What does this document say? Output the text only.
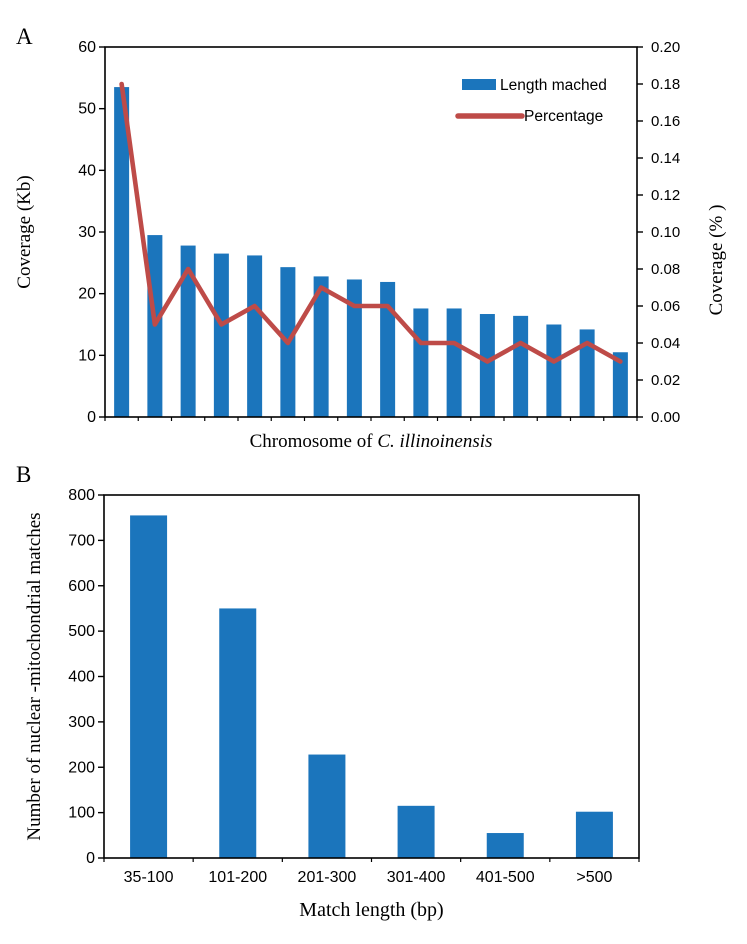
A
B
0
10
20
30
40
50
60
0.00
0.02
0.04
0.06
0.08
0.10
0.12
0.14
0.16
0.18
0.20
Coverage (Kb)	Coverage (% )
Chromosome of C. illinoinensis
Length mached
Percentage
0
100
200
300
400
500
600
700
800
35-100 101-200 201-300 301-400 401-500	>500
Number of nuclear -mitochondrial matches
Match length (bp)
